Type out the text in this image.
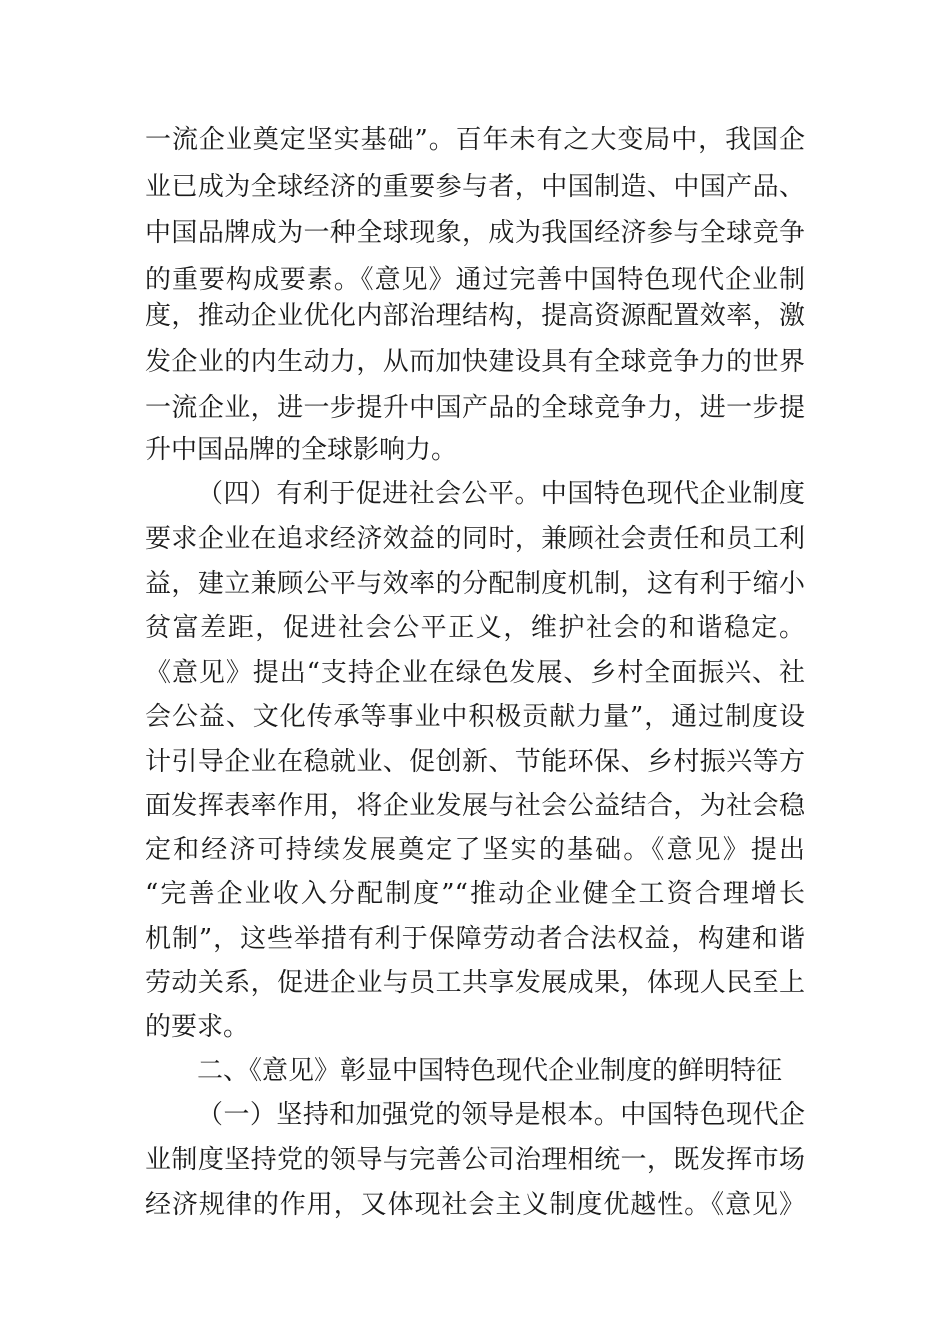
一流企业奠定坚实基础”。百年未有之大变局中，我国企
业已成为全球经济的重要参与者，中国制造、中国产品、
中国品牌成为一种全球现象，成为我国经济参与全球竞争
的重要构成要素。《意见》通过完善中国特色现代企业制
度，推动企业优化内部治理结构，提高资源配置效率，激
发企业的内生动力，从而加快建设具有全球竞争力的世界
一流企业，进一步提升中国产品的全球竞争力，进一步提
升中国品牌的全球影响力。
（四）有利于促进社会公平。中国特色现代企业制度
要求企业在追求经济效益的同时，兼顾社会责任和员工利
益，建立兼顾公平与效率的分配制度机制，这有利于缩小
贫富差距，促进社会公平正义，维护社会的和谐稳定。
《意见》提出“支持企业在绿色发展、乡村全面振兴、社
会公益、文化传承等事业中积极贡献力量”，通过制度设
计引导企业在稳就业、促创新、节能环保、乡村振兴等方
面发挥表率作用，将企业发展与社会公益结合，为社会稳
定和经济可持续发展奠定了坚实的基础。《意见》提出
“完善企业收入分配制度”“推动企业健全工资合理增长
机制”，这些举措有利于保障劳动者合法权益，构建和谐
劳动关系，促进企业与员工共享发展成果，体现人民至上
的要求。
二、《意见》彰显中国特色现代企业制度的鲜明特征
（一）坚持和加强党的领导是根本。中国特色现代企
业制度坚持党的领导与完善公司治理相统一，既发挥市场
经济规律的作用，又体现社会主义制度优越性。《意见》
